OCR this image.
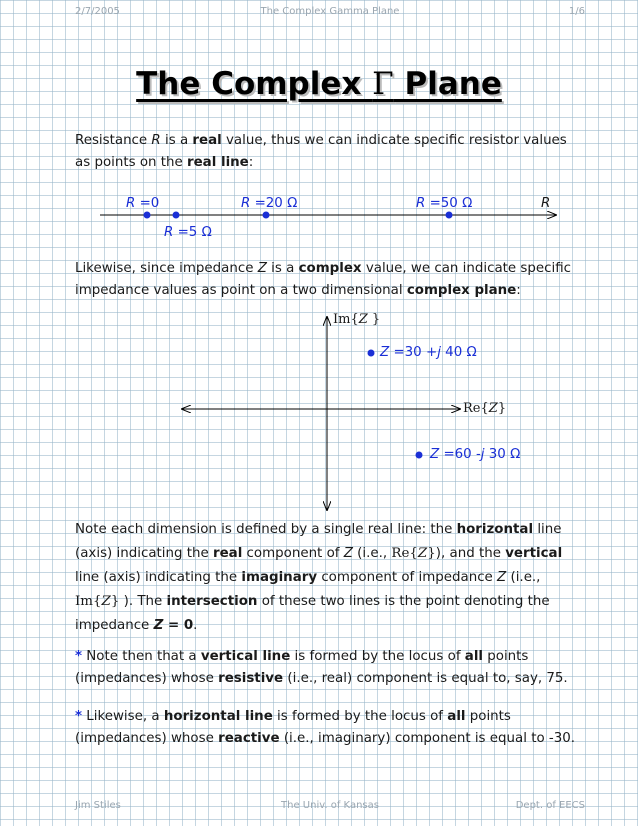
2/7/2005	The Complex Gamma Plane	1/6
The Complex Γ Plane

Resistance R is a real value, thus we can indicate specific resistor values as points on the real line:

R =0
R =5 Ω
R =20 Ω	R =50 Ω	R

Likewise, since impedance Z is a complex value, we can indicate specific impedance values as point on a two dimensional complex plane:

Im{Z }
Re{Z}
Z =30 +j 40 Ω
Z =60 -j 30 Ω

Note each dimension is defined by a single real line: the horizontal line (axis) indicating the real component of Z (i.e., Re{Z}), and the vertical line (axis) indicating the imaginary component of impedance Z (i.e., Im{Z} ). The intersection of these two lines is the point denoting the impedance Z = 0.

* Note then that a vertical line is formed by the locus of all points (impedances) whose resistive (i.e., real) component is equal to, say, 75.

* Likewise, a horizontal line is formed by the locus of all points (impedances) whose reactive (i.e., imaginary) component is equal to -30.

Jim Stiles	The Univ. of Kansas	Dept. of EECS
